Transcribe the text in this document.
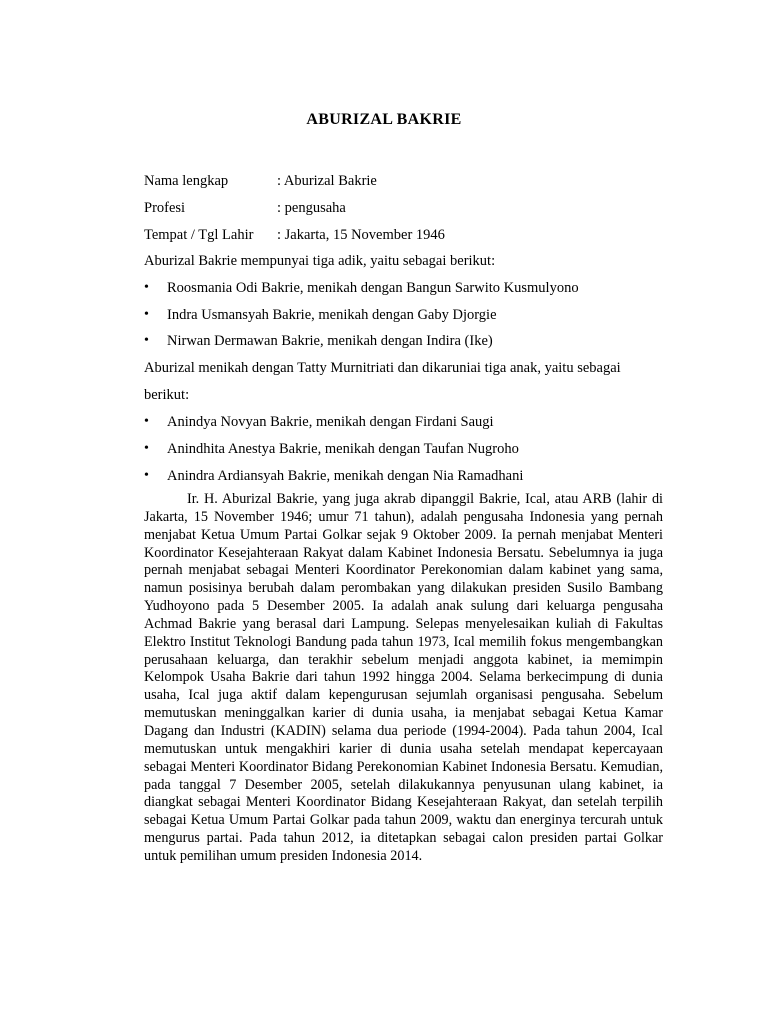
ABURIZAL BAKRIE
Nama lengkap	: Aburizal Bakrie
Profesi	: pengusaha
Tempat / Tgl Lahir : Jakarta, 15 November 1946

Aburizal Bakrie mempunyai tiga adik, yaitu sebagai berikut:

• Roosmania Odi Bakrie, menikah dengan Bangun Sarwito Kusmulyono
• Indra Usmansyah Bakrie, menikah dengan Gaby Djorgie
• Nirwan Dermawan Bakrie, menikah dengan Indira (Ike)

Aburizal menikah dengan Tatty Murnitriati dan dikaruniai tiga anak, yaitu sebagai

berikut:

• Anindya Novyan Bakrie, menikah dengan Firdani Saugi
• Anindhita Anestya Bakrie, menikah dengan Taufan Nugroho
• Anindra Ardiansyah Bakrie, menikah dengan Nia Ramadhani

Ir. H. Aburizal Bakrie, yang juga akrab dipanggil Bakrie, Ical, atau ARB (lahir di Jakarta, 15 November 1946; umur 71 tahun), adalah pengusaha Indonesia yang pernah menjabat Ketua Umum Partai Golkar sejak 9 Oktober 2009. Ia pernah menjabat Menteri Koordinator Kesejahteraan Rakyat dalam Kabinet Indonesia Bersatu. Sebelumnya ia juga pernah menjabat sebagai Menteri Koordinator Perekonomian dalam kabinet yang sama, namun posisinya berubah dalam perombakan yang dilakukan presiden Susilo Bambang Yudhoyono pada 5 Desember 2005. Ia adalah anak sulung dari keluarga pengusaha Achmad Bakrie yang berasal dari Lampung. Selepas menyelesaikan kuliah di Fakultas Elektro Institut Teknologi Bandung pada tahun 1973, Ical memilih fokus mengembangkan perusahaan keluarga, dan terakhir sebelum menjadi anggota kabinet, ia memimpin Kelompok Usaha Bakrie dari tahun 1992 hingga 2004. Selama berkecimpung di dunia usaha, Ical juga aktif dalam kepengurusan sejumlah organisasi pengusaha. Sebelum memutuskan meninggalkan karier di dunia usaha, ia menjabat sebagai Ketua Kamar Dagang dan Industri (KADIN) selama dua periode (1994-2004). Pada tahun 2004, Ical memutuskan untuk mengakhiri karier di dunia usaha setelah mendapat kepercayaan sebagai Menteri Koordinator Bidang Perekonomian Kabinet Indonesia Bersatu. Kemudian, pada tanggal 7 Desember 2005, setelah dilakukannya penyusunan ulang kabinet, ia diangkat sebagai Menteri Koordinator Bidang Kesejahteraan Rakyat, dan setelah terpilih sebagai Ketua Umum Partai Golkar pada tahun 2009, waktu dan energinya tercurah untuk mengurus partai. Pada tahun 2012, ia ditetapkan sebagai calon presiden partai Golkar untuk pemilihan umum presiden Indonesia 2014.
